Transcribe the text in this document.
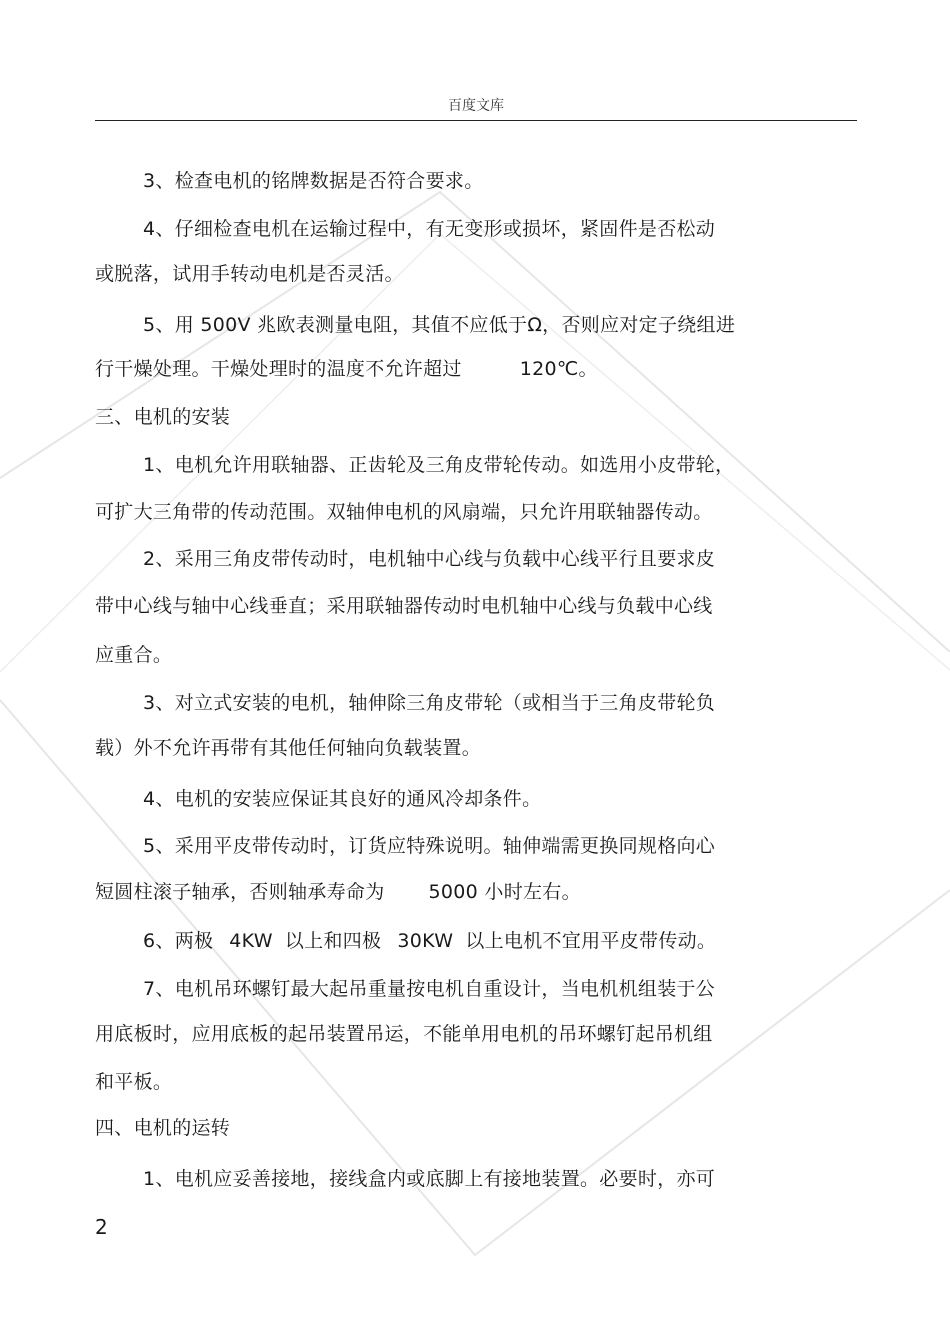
百度文库
3、检查电机的铭牌数据是否符合要求。
4、仔细检查电机在运输过程中，有无变形或损坏，紧固件是否松动
或脱落，试用手转动电机是否灵活。
5、用 500V 兆欧表测量电阻，其值不应低于Ω，否则应对定子绕组进
行干燥处理。干燥处理时的温度不允许超过	120℃。
三、电机的安装
1、电机允许用联轴器、正齿轮及三角皮带轮传动。如选用小皮带轮，
可扩大三角带的传动范围。双轴伸电机的风扇端，只允许用联轴器传动。
2、采用三角皮带传动时，电机轴中心线与负载中心线平行且要求皮
带中心线与轴中心线垂直；采用联轴器传动时电机轴中心线与负载中心线
应重合。
3、对立式安装的电机，轴伸除三角皮带轮（或相当于三角皮带轮负
载）外不允许再带有其他任何轴向负载装置。
4、电机的安装应保证其良好的通风冷却条件。
5、采用平皮带传动时，订货应特殊说明。轴伸端需更换同规格向心
短圆柱滚子轴承，否则轴承寿命为 5000 小时左右。
6、两极 4KW 以上和四极 30KW 以上电机不宜用平皮带传动。
7、电机吊环螺钉最大起吊重量按电机自重设计，当电机机组装于公
用底板时，应用底板的起吊装置吊运，不能单用电机的吊环螺钉起吊机组
和平板。
四、电机的运转
1、电机应妥善接地，接线盒内或底脚上有接地装置。必要时，亦可
2
